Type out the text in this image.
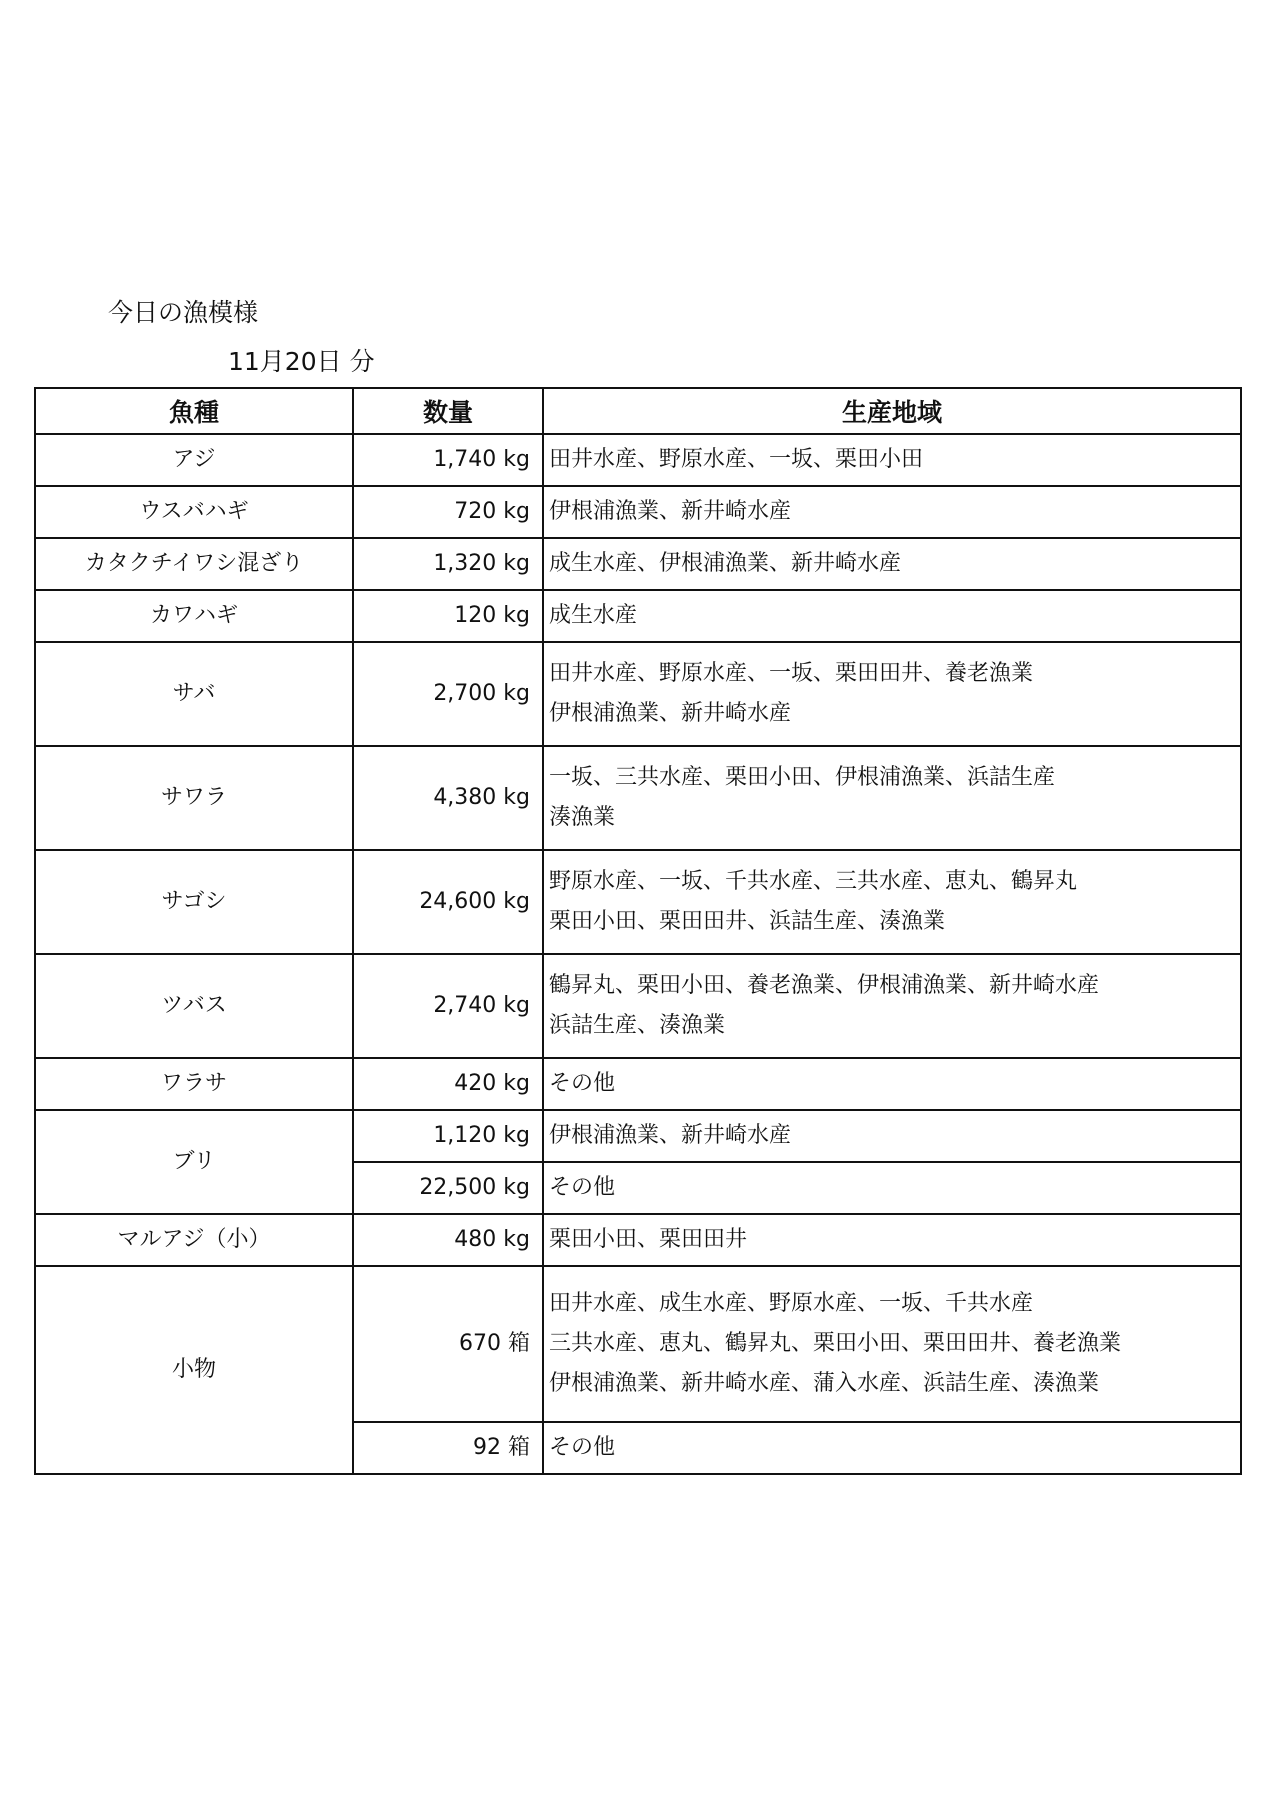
今日の漁模様
11月20日 分
魚種	数量	生産地域
アジ	1,740 kg	田井水産、野原水産、一坂、栗田小田

ウスバハギ	720 kg	伊根浦漁業、新井崎水産

カタクチイワシ混ざり	1,320 kg	成生水産、伊根浦漁業、新井崎水産

カワハギ	120 kg	成生水産

サバ	2,700 kg	田井水産、野原水産、一坂、栗田田井、養老漁業
伊根浦漁業、新井崎水産

サワラ	4,380 kg	一坂、三共水産、栗田小田、伊根浦漁業、浜詰生産
湊漁業

サゴシ	24,600 kg	野原水産、一坂、千共水産、三共水産、恵丸、鶴昇丸
栗田小田、栗田田井、浜詰生産、湊漁業

ツバス	2,740 kg	鶴昇丸、栗田小田、養老漁業、伊根浦漁業、新井崎水産
浜詰生産、湊漁業

ワラサ	420 kg	その他

ブリ	1,120 kg	伊根浦漁業、新井崎水産

	22,500 kg	その他

マルアジ（小）	480 kg	栗田小田、栗田田井

小物	670 箱	田井水産、成生水産、野原水産、一坂、千共水産
三共水産、恵丸、鶴昇丸、栗田小田、栗田田井、養老漁業
伊根浦漁業、新井崎水産、蒲入水産、浜詰生産、湊漁業

	92 箱	その他
